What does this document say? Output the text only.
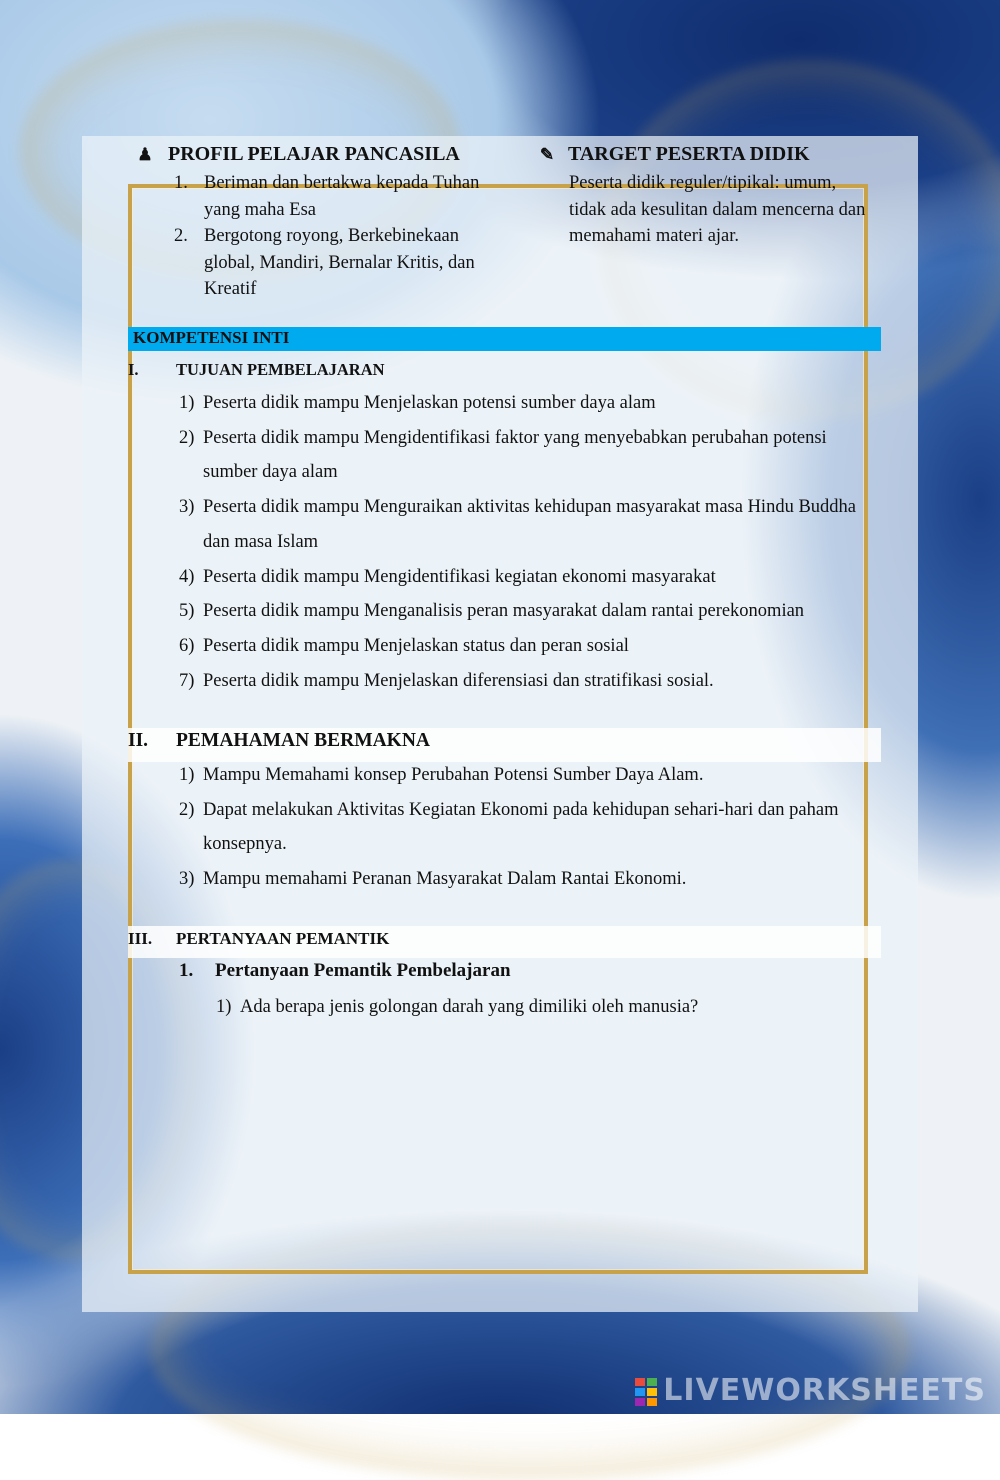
♟ PROFIL PELAJAR PANCASILA
1. Beriman dan bertakwa kepada Tuhan yang maha Esa
2. Bergotong royong, Berkebinekaan global, Mandiri, Bernalar Kritis, dan Kreatif
✎ TARGET PESERTA DIDIK
Peserta didik reguler/tipikal: umum, tidak ada kesulitan dalam mencerna dan memahami materi ajar.
KOMPETENSI INTI
I. TUJUAN PEMBELAJARAN
1) Peserta didik mampu Menjelaskan potensi sumber daya alam
2) Peserta didik mampu Mengidentifikasi faktor yang menyebabkan perubahan potensi sumber daya alam
3) Peserta didik mampu Menguraikan aktivitas kehidupan masyarakat masa Hindu Buddha dan masa Islam
4) Peserta didik mampu Mengidentifikasi kegiatan ekonomi masyarakat
5) Peserta didik mampu Menganalisis peran masyarakat dalam rantai perekonomian
6) Peserta didik mampu Menjelaskan status dan peran sosial
7) Peserta didik mampu Menjelaskan diferensiasi dan stratifikasi sosial.
II. PEMAHAMAN BERMAKNA
1) Mampu Memahami konsep Perubahan Potensi Sumber Daya Alam.
2) Dapat melakukan Aktivitas Kegiatan Ekonomi pada kehidupan sehari-hari dan paham konsepnya.
3) Mampu memahami Peranan Masyarakat Dalam Rantai Ekonomi.
III. PERTANYAAN PEMANTIK
1. Pertanyaan Pemantik Pembelajaran
1) Ada berapa jenis golongan darah yang dimiliki oleh manusia?
LIVEWORKSHEETS
